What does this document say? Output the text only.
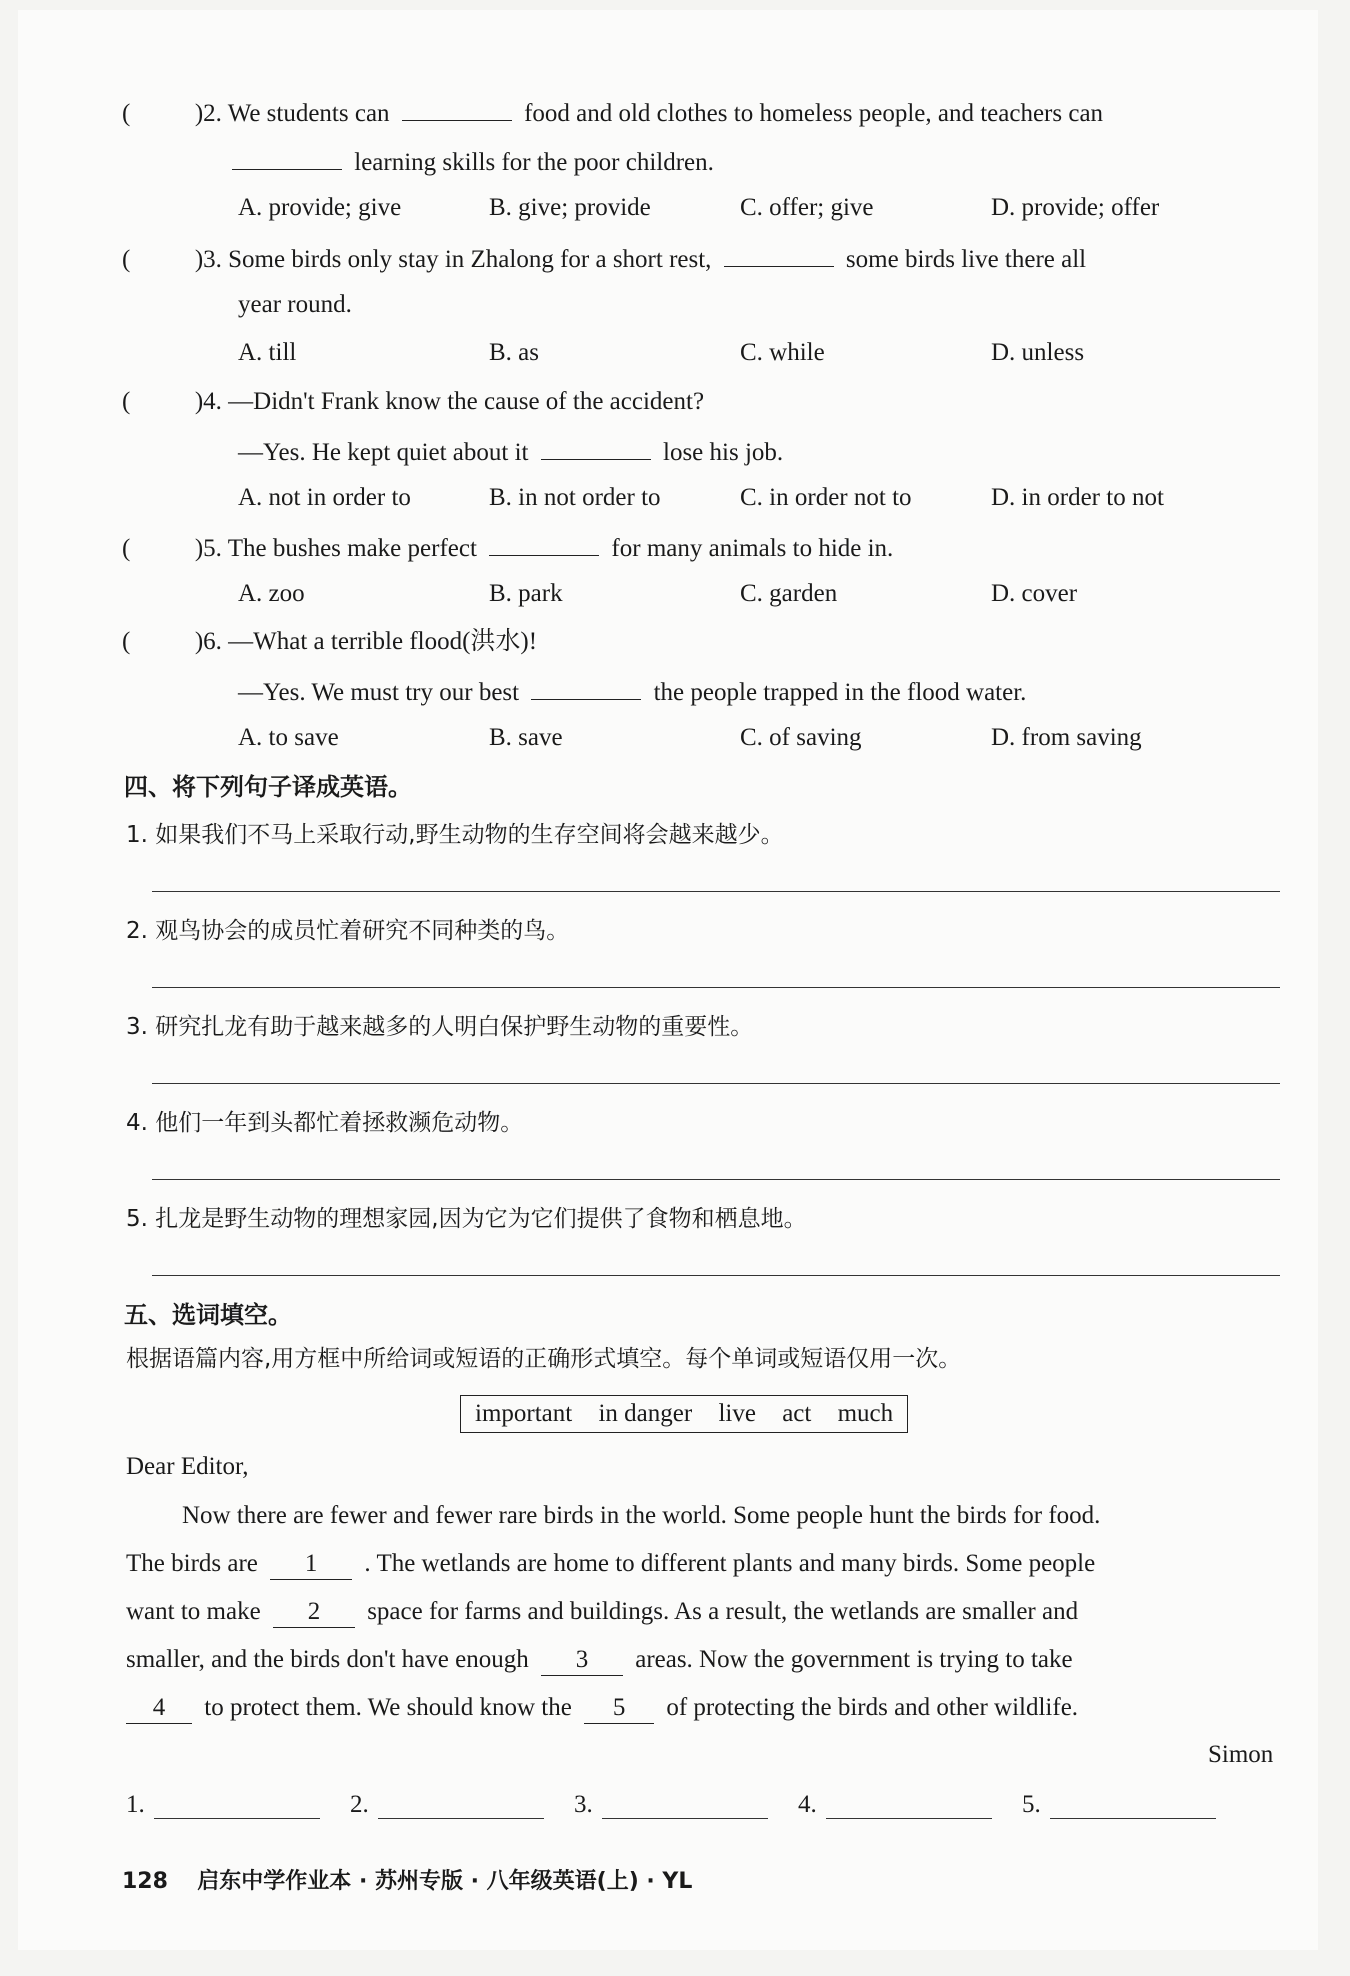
(	)2. We students can	food and old clothes to homeless people, and teachers can
learning skills for the poor children.
A. provide; give	B. give; provide	C. offer; give	D. provide; offer
(	)3. Some birds only stay in Zhalong for a short rest,	some birds live there all
year round.
A. till	B. as	C. while	D. unless
(	)4. —Didn't Frank know the cause of the accident?
—Yes. He kept quiet about it	lose his job.
A. not in order to	B. in not order to	C. in order not to	D. in order to not
(	)5. The bushes make perfect	for many animals to hide in.
A. zoo	B. park	C. garden	D. cover
(	)6. —What a terrible flood(洪水)!
—Yes. We must try our best	the people trapped in the flood water.
A. to save	B. save	C. of saving	D. from saving
四、将下列句子译成英语。
1. 如果我们不马上采取行动,野生动物的生存空间将会越来越少。
2. 观鸟协会的成员忙着研究不同种类的鸟。
3. 研究扎龙有助于越来越多的人明白保护野生动物的重要性。
4. 他们一年到头都忙着拯救濒危动物。
5. 扎龙是野生动物的理想家园,因为它为它们提供了食物和栖息地。
五、选词填空。
根据语篇内容,用方框中所给词或短语的正确形式填空。每个单词或短语仅用一次。
important in danger live act much
Dear Editor,
Now there are fewer and fewer rare birds in the world. Some people hunt the birds for food.
The birds are 1 . The wetlands are home to different plants and many birds. Some people
want to make 2 space for farms and buildings. As a result, the wetlands are smaller and
smaller, and the birds don't have enough 3 areas. Now the government is trying to take
4 to protect them. We should know the 5 of protecting the birds and other wildlife.
Simon
1.	2.	3.	4.	5.
128 启东中学作业本 · 苏州专版 · 八年级英语(上) · YL
